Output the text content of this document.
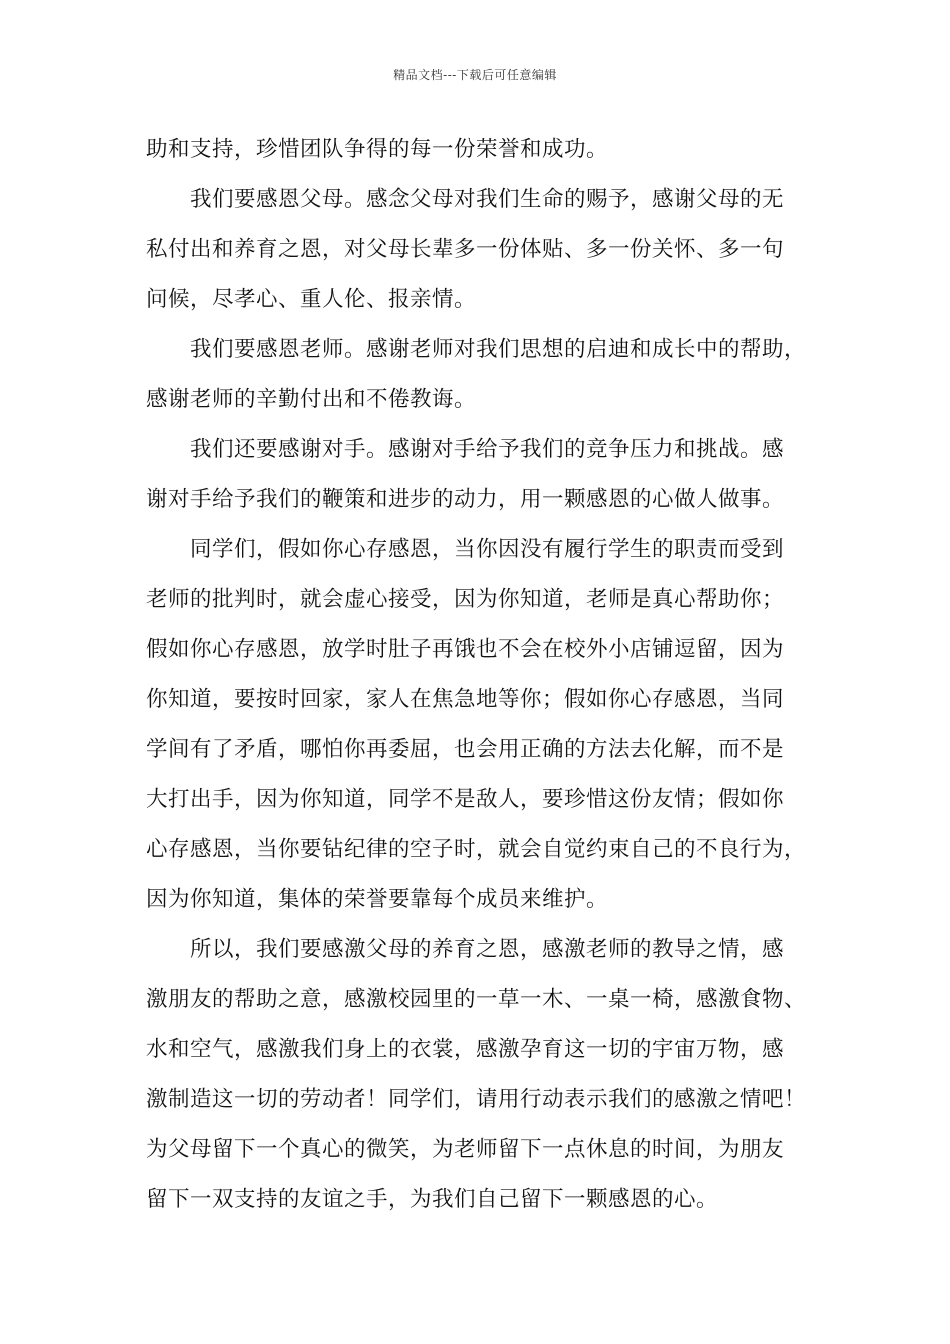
精品文档---下载后可任意编辑
助和支持，珍惜团队争得的每一份荣誉和成功。
我们要感恩父母。感念父母对我们生命的赐予，感谢父母的无
私付出和养育之恩，对父母长辈多一份体贴、多一份关怀、多一句
问候，尽孝心、重人伦、报亲情。
我们要感恩老师。感谢老师对我们思想的启迪和成长中的帮助，
感谢老师的辛勤付出和不倦教诲。
我们还要感谢对手。感谢对手给予我们的竞争压力和挑战。感
谢对手给予我们的鞭策和进步的动力，用一颗感恩的心做人做事。
同学们，假如你心存感恩，当你因没有履行学生的职责而受到
老师的批判时，就会虚心接受，因为你知道，老师是真心帮助你；
假如你心存感恩，放学时肚子再饿也不会在校外小店铺逗留，因为
你知道，要按时回家，家人在焦急地等你；假如你心存感恩，当同
学间有了矛盾，哪怕你再委屈，也会用正确的方法去化解，而不是
大打出手，因为你知道，同学不是敌人，要珍惜这份友情；假如你
心存感恩，当你要钻纪律的空子时，就会自觉约束自己的不良行为，
因为你知道，集体的荣誉要靠每个成员来维护。
所以，我们要感激父母的养育之恩，感激老师的教导之情，感
激朋友的帮助之意，感激校园里的一草一木、一桌一椅，感激食物、
水和空气，感激我们身上的衣裳，感激孕育这一切的宇宙万物，感
激制造这一切的劳动者！同学们，请用行动表示我们的感激之情吧！
为父母留下一个真心的微笑，为老师留下一点休息的时间，为朋友
留下一双支持的友谊之手，为我们自己留下一颗感恩的心。
